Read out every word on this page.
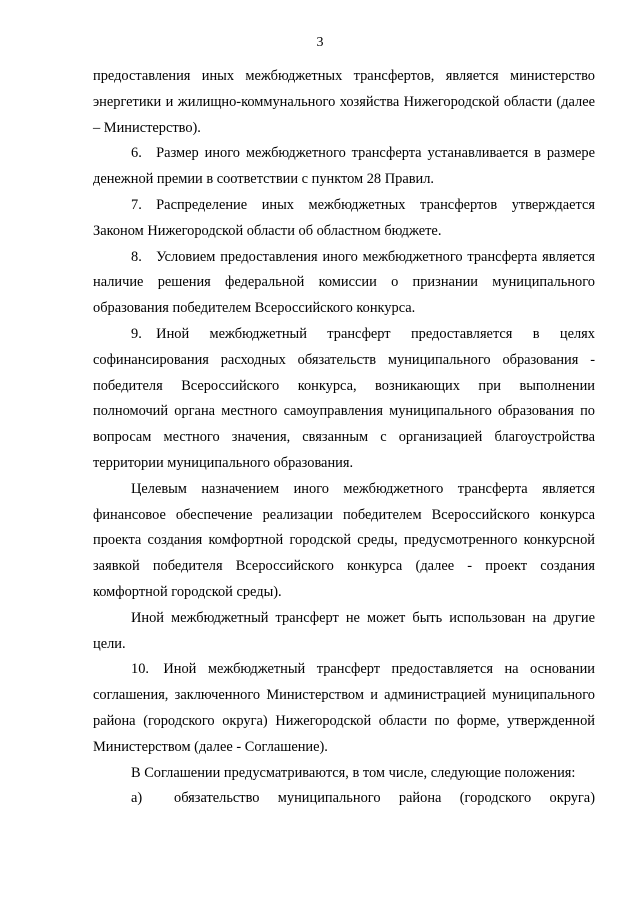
3

предоставления иных межбюджетных трансфертов, является министерство энергетики и жилищно-коммунального хозяйства Нижегородской области (далее – Министерство).

6. Размер иного межбюджетного трансферта устанавливается в размере денежной премии в соответствии с пунктом 28 Правил.

7. Распределение иных межбюджетных трансфертов утверждается Законом Нижегородской области об областном бюджете.

8. Условием предоставления иного межбюджетного трансферта является наличие решения федеральной комиссии о признании муниципального образования победителем Всероссийского конкурса.

9. Иной межбюджетный трансферт предоставляется в целях софинансирования расходных обязательств муниципального образования - победителя Всероссийского конкурса, возникающих при выполнении полномочий органа местного самоуправления муниципального образования по вопросам местного значения, связанным с организацией благоустройства территории муниципального образования.

Целевым назначением иного межбюджетного трансферта является финансовое обеспечение реализации победителем Всероссийского конкурса проекта создания комфортной городской среды, предусмотренного конкурсной заявкой победителя Всероссийского конкурса (далее - проект создания комфортной городской среды).

Иной межбюджетный трансферт не может быть использован на другие цели.

10. Иной межбюджетный трансферт предоставляется на основании соглашения, заключенного Министерством и администрацией муниципального района (городского округа) Нижегородской области по форме, утвержденной Министерством (далее - Соглашение).

В Соглашении предусматриваются, в том числе, следующие положения:

а)	обязательство муниципального района (городского округа)
